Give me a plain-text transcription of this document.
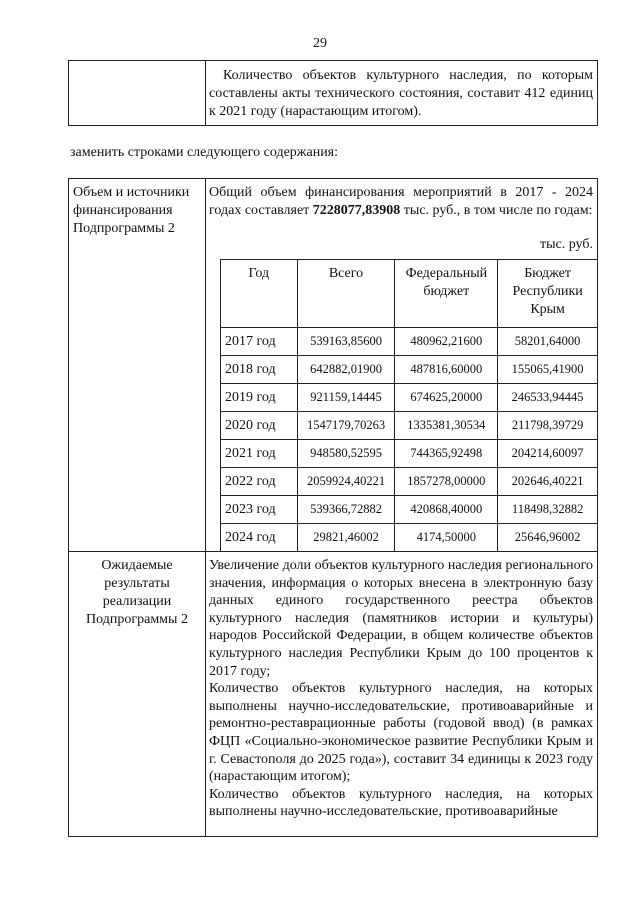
29
Количество объектов культурного наследия, по которым составлены акты технического состояния, составит 412 единиц к 2021 году (нарастающим итогом).
заменить строками следующего содержания:
Объем и источники финансирования Подпрограммы 2
Общий объем финансирования мероприятий в 2017 - 2024 годах составляет 7228077,83908 тыс. руб., в том числе по годам:
тыс. руб.
Год	Всего	Федеральный бюджет	Бюджет Республики Крым
2017 год	539163,85600	480962,21600	58201,64000
2018 год	642882,01900	487816,60000	155065,41900
2019 год	921159,14445	674625,20000	246533,94445
2020 год	1547179,70263	1335381,30534	211798,39729
2021 год	948580,52595	744365,92498	204214,60097
2022 год	2059924,40221	1857278,00000	202646,40221
2023 год	539366,72882	420868,40000	118498,32882
2024 год	29821,46002	4174,50000	25646,96002
Ожидаемые результаты реализации Подпрограммы 2

Увеличение доли объектов культурного наследия регионального значения, информация о которых внесена в электронную базу данных единого государственного реестра объектов культурного наследия (памятников истории и культуры) народов Российской Федерации, в общем количестве объектов культурного наследия Республики Крым до 100 процентов к 2017 году;

Количество объектов культурного наследия, на которых выполнены научно-исследовательские, противоаварийные и ремонтно-реставрационные работы (годовой ввод) (в рамках ФЦП «Социально-экономическое развитие Республики Крым и г. Севастополя до 2025 года»), составит 34 единицы к 2023 году (нарастающим итогом);

Количество объектов культурного наследия, на которых выполнены научно-исследовательские, противоаварийные
